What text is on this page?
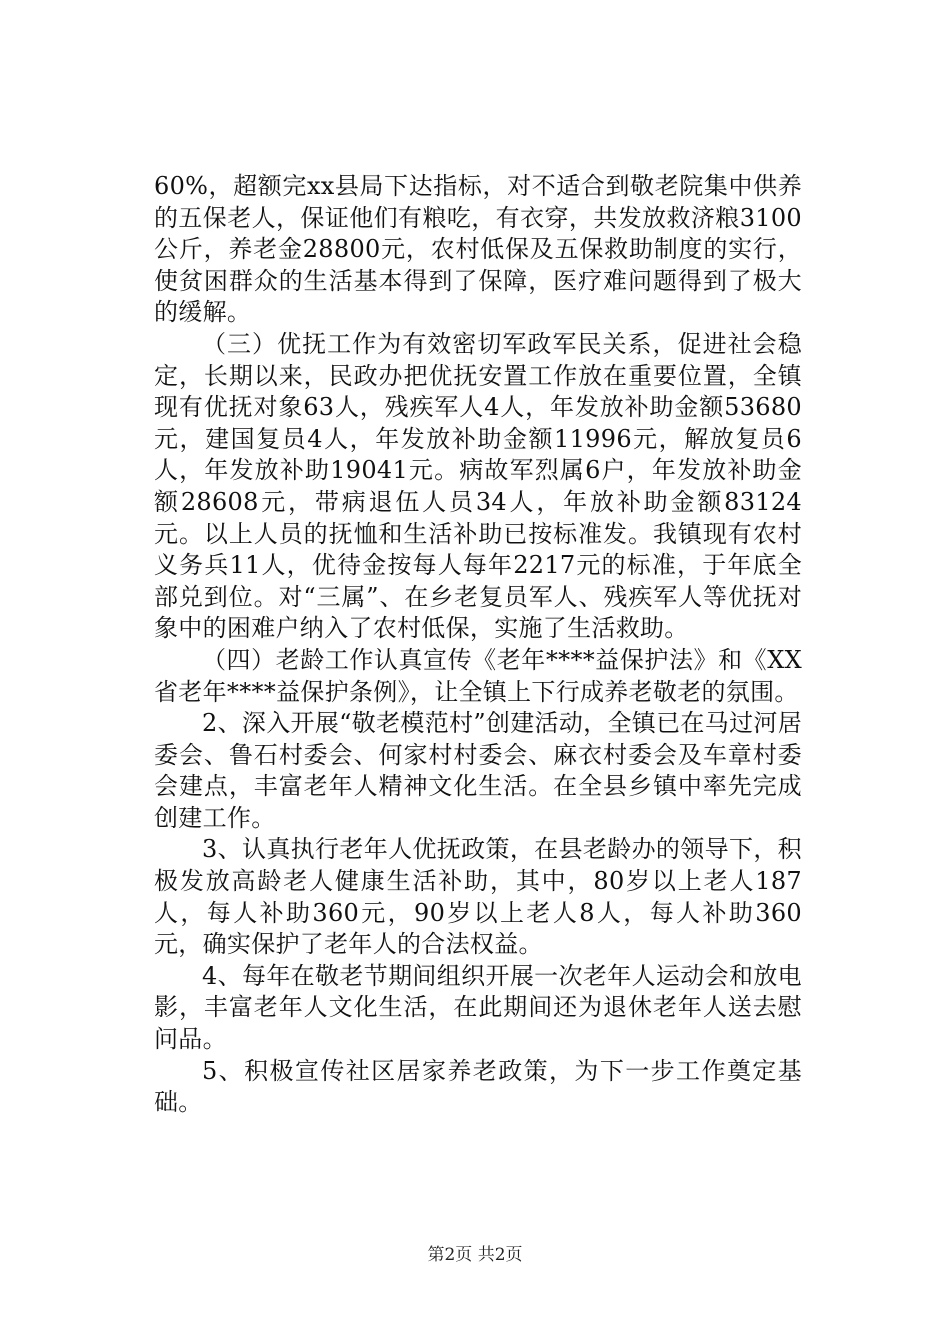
60%，超额完xx县局下达指标，对不适合到敬老院集中供养的五保老人，保证他们有粮吃，有衣穿，共发放救济粮3100公斤，养老金28800元，农村低保及五保救助制度的实行，使贫困群众的生活基本得到了保障，医疗难问题得到了极大的缓解。

（三）优抚工作为有效密切军政军民关系，促进社会稳定，长期以来，民政办把优抚安置工作放在重要位置，全镇现有优抚对象63人，残疾军人4人，年发放补助金额53680元，建国复员4人，年发放补助金额11996元，解放复员6人，年发放补助19041元。病故军烈属6户，年发放补助金额28608元，带病退伍人员34人，年放补助金额83124元。以上人员的抚恤和生活补助已按标准发。我镇现有农村义务兵11人，优待金按每人每年2217元的标准，于年底全部兑到位。对“三属”、在乡老复员军人、残疾军人等优抚对象中的困难户纳入了农村低保，实施了生活救助。

（四）老龄工作认真宣传《老年****益保护法》和《XX省老年****益保护条例》，让全镇上下行成养老敬老的氛围。

2、深入开展“敬老模范村”创建活动，全镇已在马过河居委会、鲁石村委会、何家村村委会、麻衣村委会及车章村委会建点，丰富老年人精神文化生活。在全县乡镇中率先完成创建工作。

3、认真执行老年人优抚政策，在县老龄办的领导下，积极发放高龄老人健康生活补助，其中，80岁以上老人187人，每人补助360元，90岁以上老人8人，每人补助360元，确实保护了老年人的合法权益。

4、每年在敬老节期间组织开展一次老年人运动会和放电影，丰富老年人文化生活，在此期间还为退休老年人送去慰问品。

5、积极宣传社区居家养老政策，为下一步工作奠定基础。

第2页 共2页
